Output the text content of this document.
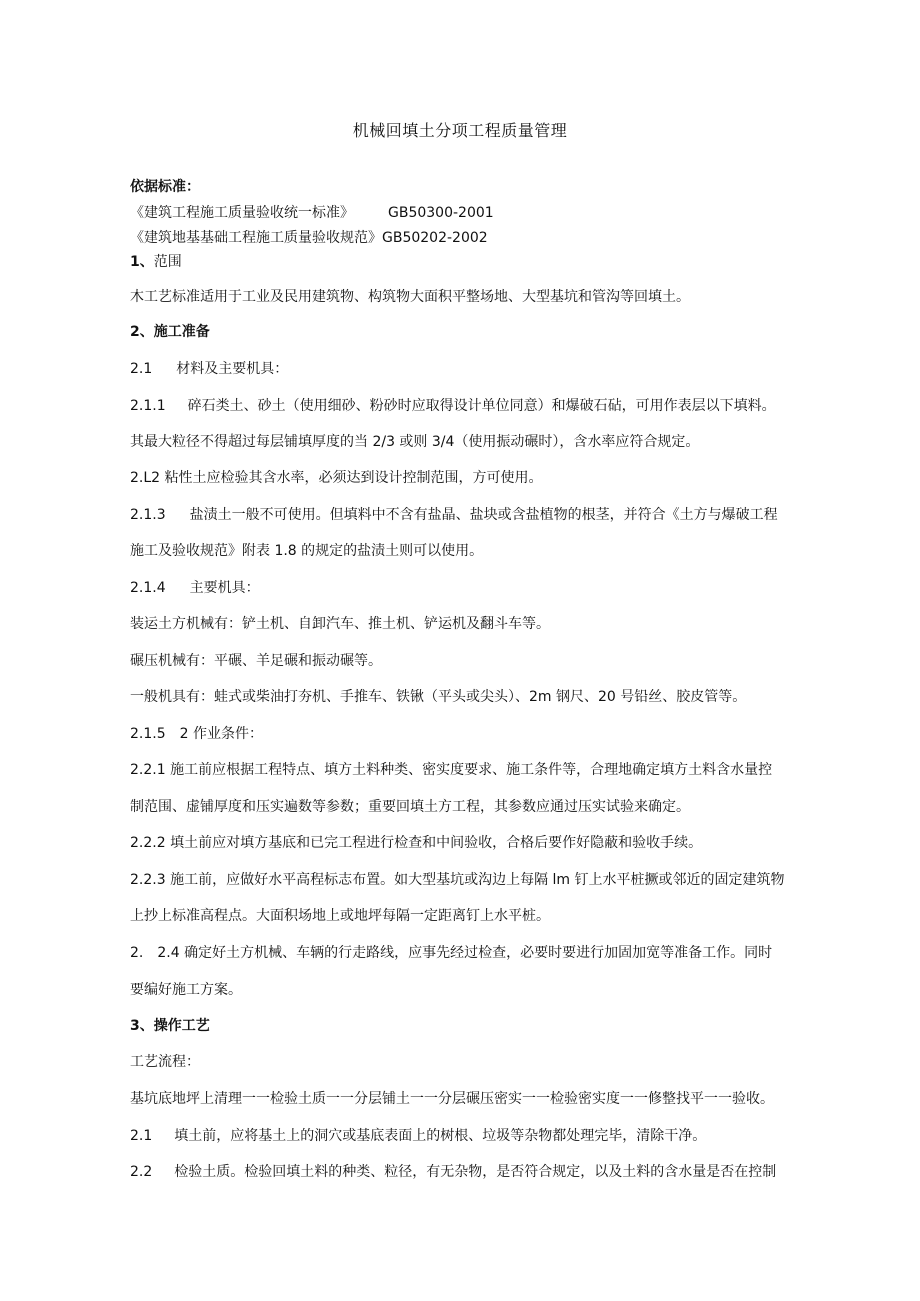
机械回填土分项工程质量管理
依据标准：
《建筑工程施工质量验收统一标准》 GB50300-2001
《建筑地基基础工程施工质量验收规范》GB50202-2002
1、范围
木工艺标准适用于工业及民用建筑物、构筑物大面积平整场地、大型基坑和管沟等回填土。
2、施工准备
2.1 材料及主要机具：
2.1.1 碎石类土、砂土（使用细砂、粉砂时应取得设计单位同意）和爆破石砧，可用作表层以下填料。
其最大粒径不得超过每层铺填厚度的当 2/3 或则 3/4（使用振动碾时），含水率应符合规定。
2.L2 粘性土应检验其含水率，必须达到设计控制范围，方可使用。
2.1.3 盐渍土一般不可使用。但填料中不含有盐晶、盐块或含盐植物的根茎，并符合《土方与爆破工程
施工及验收规范》附表 1.8 的规定的盐渍土则可以使用。
2.1.4 主要机具：
装运土方机械有：铲土机、自卸汽车、推土机、铲运机及翻斗车等。
碾压机械有：平碾、羊足碾和振动碾等。
一般机具有：蛙式或柴油打夯机、手推车、铁锹（平头或尖头）、2m 钢尺、20 号铅丝、胶皮管等。
2.1.5 2 作业条件：
2.2.1 施工前应根据工程特点、填方土料种类、密实度要求、施工条件等，合理地确定填方土料含水量控
制范围、虚铺厚度和压实遍数等参数；重要回填土方工程，其参数应通过压实试验来确定。
2.2.2 填土前应对填方基底和已完工程进行检查和中间验收，合格后要作好隐蔽和验收手续。
2.2.3 施工前，应做好水平高程标志布置。如大型基坑或沟边上每隔 lm 钉上水平桩撅或邻近的固定建筑物
上抄上标准高程点。大面积场地上或地坪每隔一定距离钉上水平桩。
2. 2.4 确定好土方机械、车辆的行走路线，应事先经过检查，必要时要进行加固加宽等准备工作。同时
要编好施工方案。
3、操作工艺
工艺流程：
基坑底地坪上清理一一检验土质一一分层铺土一一分层碾压密实一一检验密实度一一修整找平一一验收。
2.1 填土前，应将基土上的洞穴或基底表面上的树根、垃圾等杂物都处理完毕，清除干净。
2.2 检验土质。检验回填土料的种类、粒径，有无杂物，是否符合规定，以及土料的含水量是否在控制
